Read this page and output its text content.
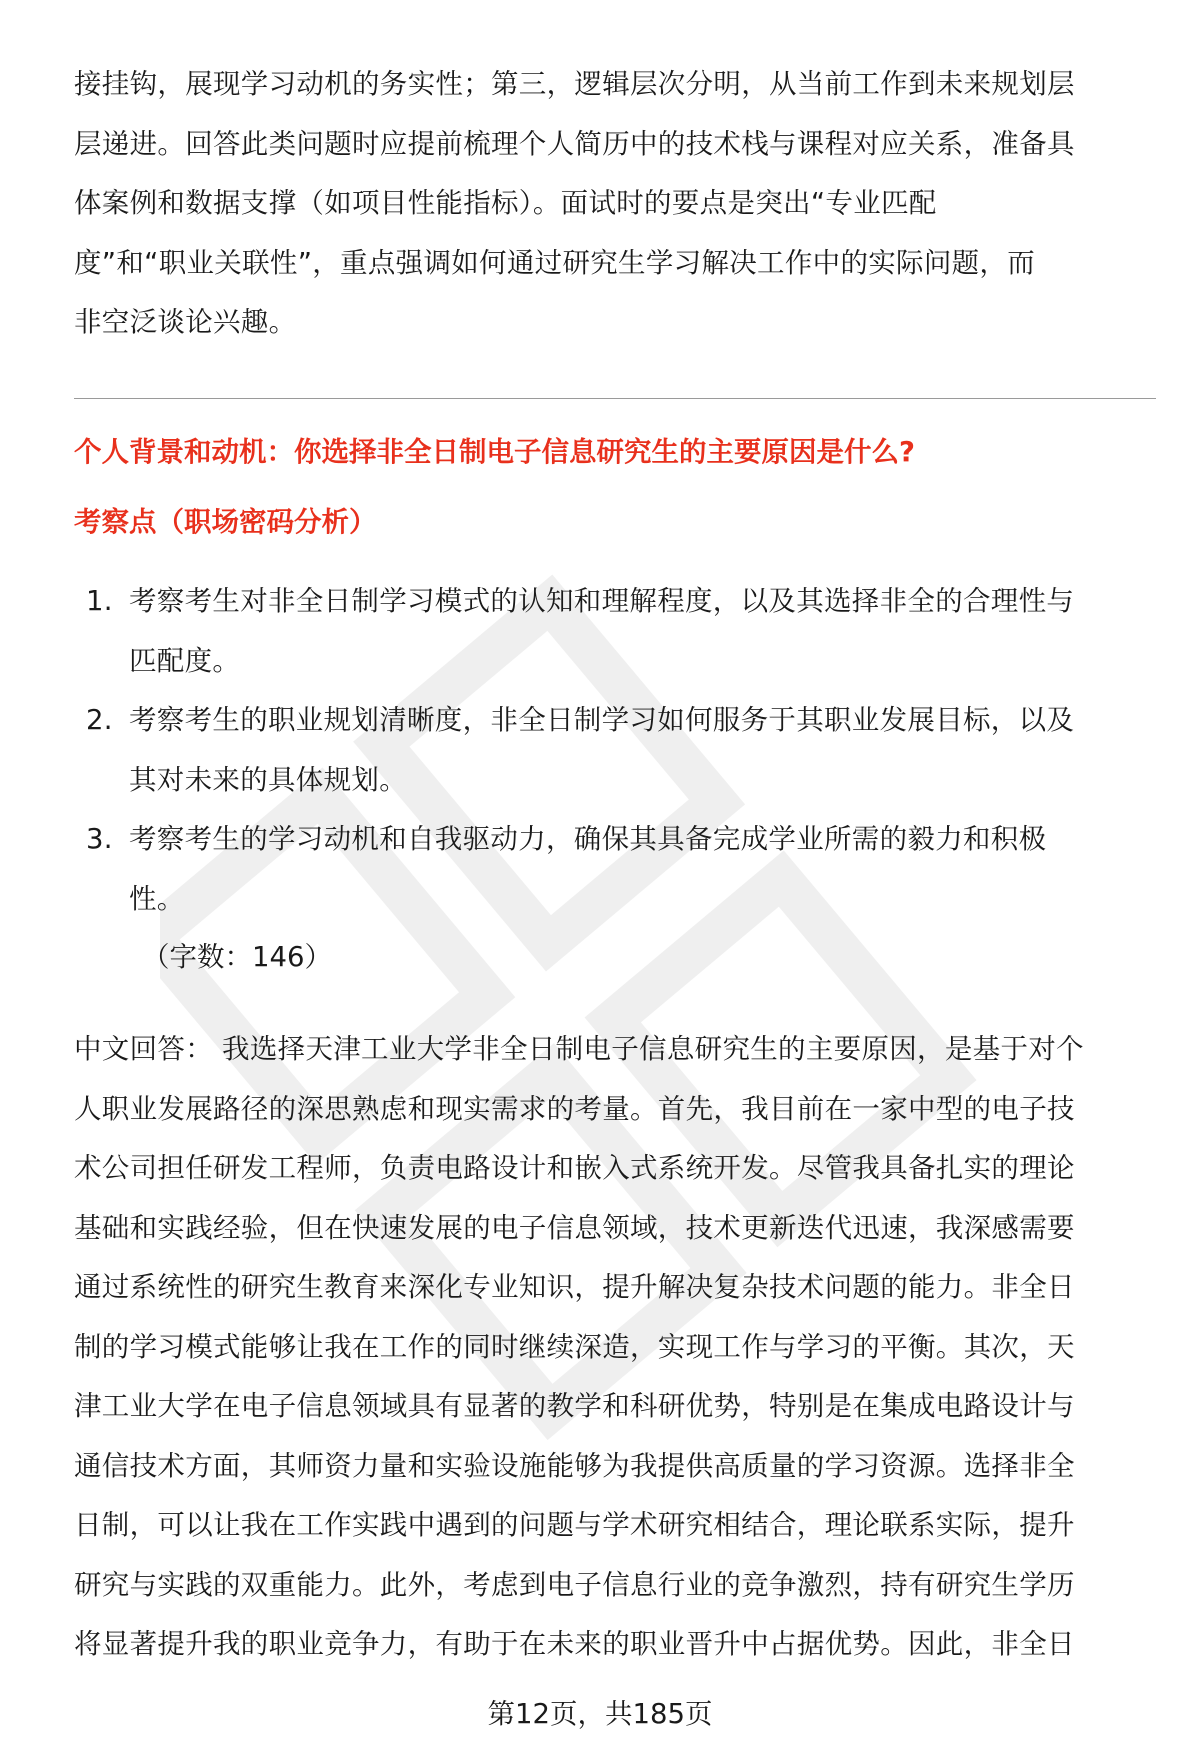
接挂钩，展现学习动机的务实性；第三，逻辑层次分明，从当前工作到未来规划层
层递进。回答此类问题时应提前梳理个人简历中的技术栈与课程对应关系，准备具
体案例和数据支撑（如项目性能指标）。面试时的要点是突出“专业匹配
度”和“职业关联性”，重点强调如何通过研究生学习解决工作中的实际问题，而
非空泛谈论兴趣。

个人背景和动机：你选择非全日制电子信息研究生的主要原因是什么?
考察点（职场密码分析）
1. 考察考生对非全日制学习模式的认知和理解程度，以及其选择非全的合理性与
匹配度。
2. 考察考生的职业规划清晰度，非全日制学习如何服务于其职业发展目标，以及
其对未来的具体规划。
3. 考察考生的学习动机和自我驱动力，确保其具备完成学业所需的毅力和积极
性。
（字数：146）

中文回答： 我选择天津工业大学非全日制电子信息研究生的主要原因，是基于对个
人职业发展路径的深思熟虑和现实需求的考量。首先，我目前在一家中型的电子技
术公司担任研发工程师，负责电路设计和嵌入式系统开发。尽管我具备扎实的理论
基础和实践经验，但在快速发展的电子信息领域，技术更新迭代迅速，我深感需要
通过系统性的研究生教育来深化专业知识，提升解决复杂技术问题的能力。非全日
制的学习模式能够让我在工作的同时继续深造，实现工作与学习的平衡。其次，天
津工业大学在电子信息领域具有显著的教学和科研优势，特别是在集成电路设计与
通信技术方面，其师资力量和实验设施能够为我提供高质量的学习资源。选择非全
日制，可以让我在工作实践中遇到的问题与学术研究相结合，理论联系实际，提升
研究与实践的双重能力。此外，考虑到电子信息行业的竞争激烈，持有研究生学历
将显著提升我的职业竞争力，有助于在未来的职业晋升中占据优势。因此，非全日

第12页，共185页
